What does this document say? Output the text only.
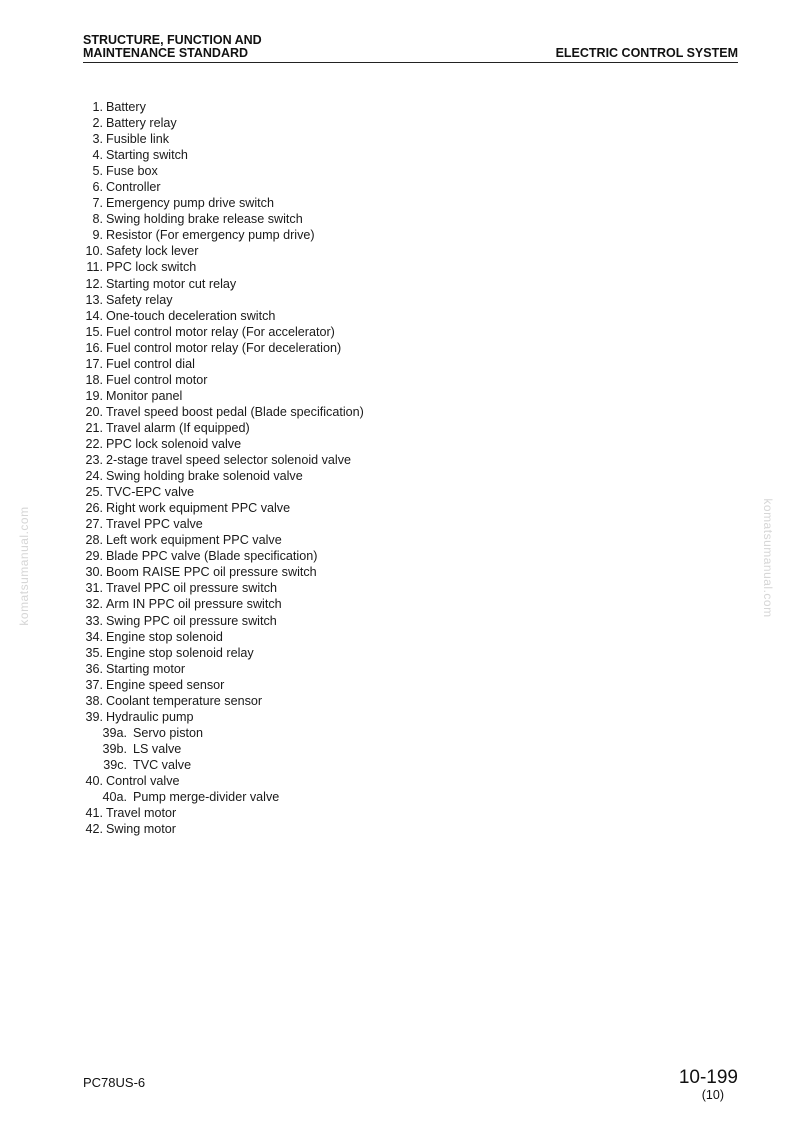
STRUCTURE, FUNCTION AND
MAINTENANCE STANDARD	ELECTRIC CONTROL SYSTEM
1. Battery
2. Battery relay
3. Fusible link
4. Starting switch
5. Fuse box
6. Controller
7. Emergency pump drive switch
8. Swing holding brake release switch
9. Resistor (For emergency pump drive)
10. Safety lock lever
11. PPC lock switch
12. Starting motor cut relay
13. Safety relay
14. One-touch deceleration switch
15. Fuel control motor relay (For accelerator)
16. Fuel control motor relay (For deceleration)
17. Fuel control dial
18. Fuel control motor
19. Monitor panel
20. Travel speed boost pedal (Blade specification)
21. Travel alarm (If equipped)
22. PPC lock solenoid valve
23. 2-stage travel speed selector solenoid valve
24. Swing holding brake solenoid valve
25. TVC-EPC valve
26. Right work equipment PPC valve
27. Travel PPC valve
28. Left work equipment PPC valve
29. Blade PPC valve (Blade specification)
30. Boom RAISE PPC oil pressure switch
31. Travel PPC oil pressure switch
32. Arm IN PPC oil pressure switch
33. Swing PPC oil pressure switch
34. Engine stop solenoid
35. Engine stop solenoid relay
36. Starting motor
37. Engine speed sensor
38. Coolant temperature sensor
39. Hydraulic pump
39a. Servo piston
39b. LS valve
39c. TVC valve
40. Control valve
40a. Pump merge-divider valve
41. Travel motor
42. Swing motor
komatsumanual.com	komatsumanual.com
PC78US-6	10-199
(10)
